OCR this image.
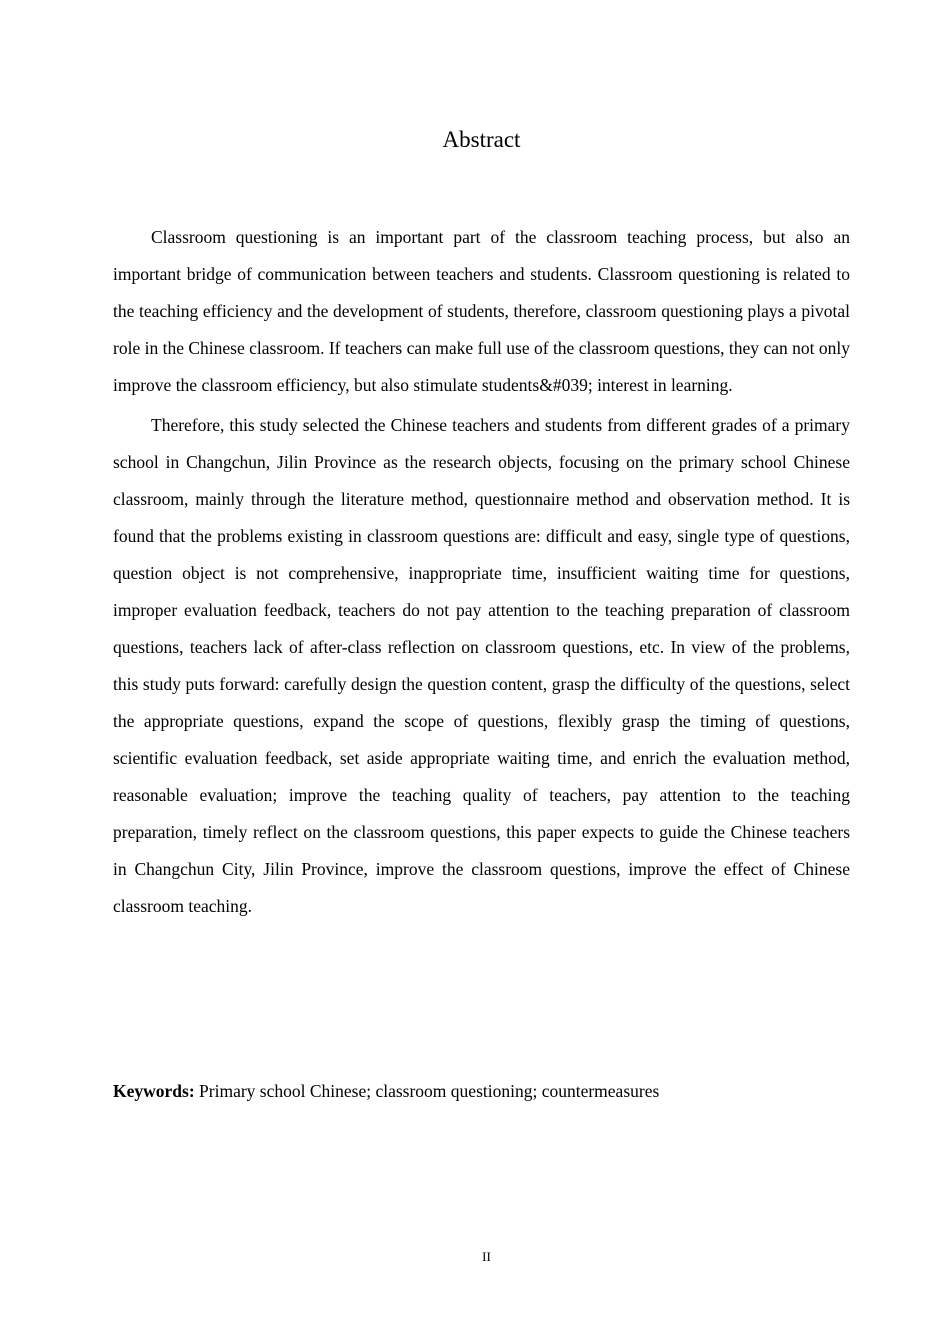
Abstract

Classroom questioning is an important part of the classroom teaching process, but also an important bridge of communication between teachers and students. Classroom questioning is related to the teaching efficiency and the development of students, therefore, classroom questioning plays a pivotal role in the Chinese classroom. If teachers can make full use of the classroom questions, they can not only improve the classroom efficiency, but also stimulate students&#039; interest in learning.

Therefore, this study selected the Chinese teachers and students from different grades of a primary school in Changchun, Jilin Province as the research objects, focusing on the primary school Chinese classroom, mainly through the literature method, questionnaire method and observation method. It is found that the problems existing in classroom questions are: difficult and easy, single type of questions, question object is not comprehensive, inappropriate time, insufficient waiting time for questions, improper evaluation feedback, teachers do not pay attention to the teaching preparation of classroom questions, teachers lack of after-class reflection on classroom questions, etc. In view of the problems, this study puts forward: carefully design the question content, grasp the difficulty of the questions, select the appropriate questions, expand the scope of questions, flexibly grasp the timing of questions, scientific evaluation feedback, set aside appropriate waiting time, and enrich the evaluation method, reasonable evaluation; improve the teaching quality of teachers, pay attention to the teaching preparation, timely reflect on the classroom questions, this paper expects to guide the Chinese teachers in Changchun City, Jilin Province, improve the classroom questions, improve the effect of Chinese classroom teaching.

Keywords: Primary school Chinese; classroom questioning; countermeasures

II
